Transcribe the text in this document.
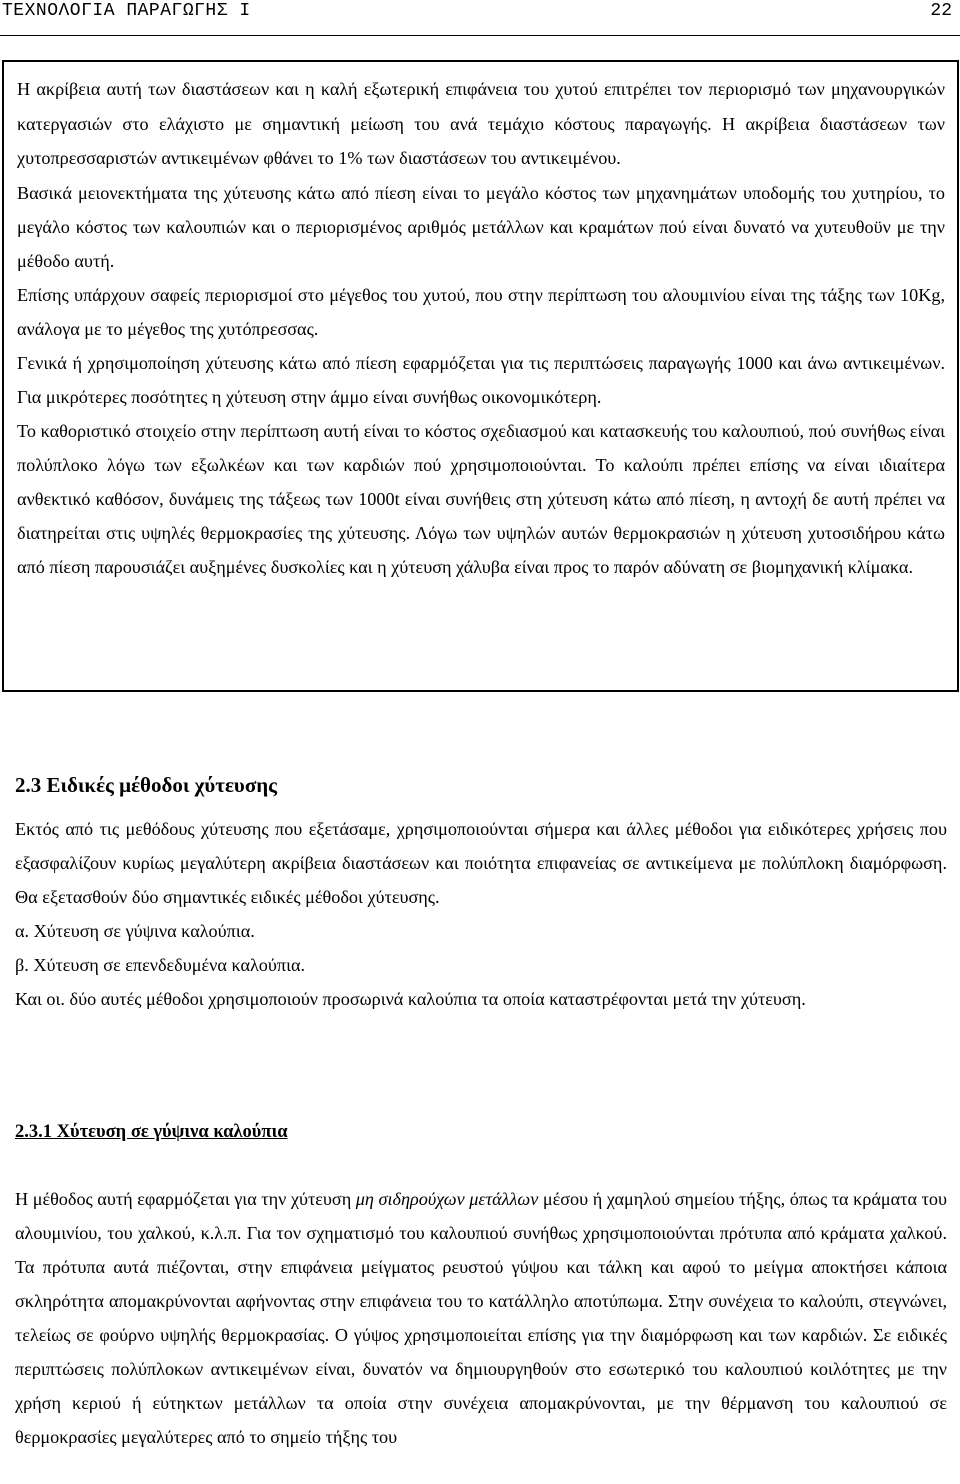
ΤΕΧΝΟΛΟΓΙΑ ΠΑΡΑΓΩΓΗΣ Ι	22

Η ακρίβεια αυτή των διαστάσεων και η καλή εξωτερική επιφάνεια του χυτού επιτρέπει τον περιορισμό των μηχανουργικών κατεργασιών στο ελάχιστο με σημαντική μείωση του ανά τεμάχιο κόστους παραγωγής. Η ακρίβεια διαστάσεων των χυτοπρεσσαριστών αντικειμένων φθάνει το 1% των διαστάσεων του αντικειμένου.

Βασικά μειονεκτήματα της χύτευσης κάτω από πίεση είναι το μεγάλο κόστος των μηχανημάτων υποδομής του χυτηρίου, το μεγάλο κόστος των καλουπιών και ο περιορισμένος αριθμός μετάλλων και κραμάτων πού είναι δυνατό να χυτευθοϋν με την μέθοδο αυτή.

Επίσης υπάρχουν σαφείς περιορισμοί στο μέγεθος του χυτού, που στην περίπτωση του αλουμινίου είναι της τάξης των 10Kg, ανάλογα με το μέγεθος της χυτόπρεσσας.

Γενικά ή χρησιμοποίηση χύτευσης κάτω από πίεση εφαρμόζεται για τις περιπτώσεις παραγωγής 1000 και άνω αντικειμένων. Για μικρότερες ποσότητες η χύτευση στην άμμο είναι συνήθως οικονομικότερη.

Το καθοριστικό στοιχείο στην περίπτωση αυτή είναι το κόστος σχεδιασμού και κατασκευής του καλουπιού, πού συνήθως είναι πολύπλοκο λόγω των εξωλκέων και των καρδιών πού χρησιμοποιούνται. Το καλούπι πρέπει επίσης να είναι ιδιαίτερα ανθεκτικό καθόσον, δυνάμεις της τάξεως των 1000t είναι συνήθεις στη χύτευση κάτω από πίεση, η αντοχή δε αυτή πρέπει να διατηρείται στις υψηλές θερμοκρασίες της χύτευσης. Λόγω των υψηλών αυτών θερμοκρασιών η χύτευση χυτοσιδήρου κάτω από πίεση παρουσιάζει αυξημένες δυσκολίες και η χύτευση χάλυβα είναι προς το παρόν αδύνατη σε βιομηχανική κλίμακα.

2.3 Ειδικές μέθοδοι χύτευσης

Εκτός από τις μεθόδους χύτευσης που εξετάσαμε, χρησιμοποιούνται σήμερα και άλλες μέθοδοι για ειδικότερες χρήσεις που εξασφαλίζουν κυρίως μεγαλύτερη ακρίβεια διαστάσεων και ποιότητα επιφανείας σε αντικείμενα με πολύπλοκη διαμόρφωση. Θα εξετασθούν δύο σημαντικές ειδικές μέθοδοι χύτευσης.

α. Χύτευση σε γύψινα καλούπια.

β. Χύτευση σε επενδεδυμένα καλούπια.

Και οι. δύο αυτές μέθοδοι χρησιμοποιούν προσωρινά καλούπια τα οποία καταστρέφονται μετά την χύτευση.

2.3.1 Χύτευση σε γύψινα καλούπια

Η μέθοδος αυτή εφαρμόζεται για την χύτευση μη σιδηρούχων μετάλλων μέσου ή χαμηλού σημείου τήξης, όπως τα κράματα του αλουμινίου, του χαλκού, κ.λ.π. Για τον σχηματισμό του καλουπιού συνήθως χρησιμοποιούνται πρότυπα από κράματα χαλκού. Τα πρότυπα αυτά πιέζονται, στην επιφάνεια μείγματος ρευστού γύψου και τάλκη και αφού το μείγμα αποκτήσει κάποια σκληρότητα απομακρύνονται αφήνοντας στην επιφάνεια του το κατάλληλο αποτύπωμα. Στην συνέχεια το καλούπι, στεγνώνει, τελείως σε φούρνο υψηλής θερμοκρασίας. Ο γύψος χρησιμοποιείται επίσης για την διαμόρφωση και των καρδιών. Σε ειδικές περιπτώσεις πολύπλοκων αντικειμένων είναι, δυνατόν να δημιουργηθούν στο εσωτερικό του καλουπιού κοιλότητες με την χρήση κεριού ή εύτηκτων μετάλλων τα οποία στην συνέχεια απομακρύνονται, με την θέρμανση του καλουπιού σε θερμοκρασίες μεγαλύτερες από το σημείο τήξης του
